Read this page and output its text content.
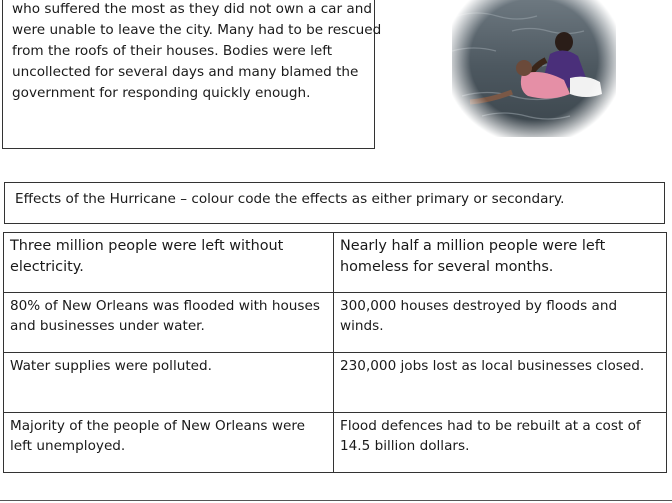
who suffered the most as they did not own a car and
were unable to leave the city. Many had to be rescued
from the roofs of their houses. Bodies were left
uncollected for several days and many blamed the
government for responding quickly enough.
Effects of the Hurricane – colour code the effects as either primary or secondary.
Three million people were left without electricity.	Nearly half a million people were left homeless for several months.
80% of New Orleans was flooded with houses and businesses under water.	300,000 houses destroyed by floods and winds.
Water supplies were polluted.	230,000 jobs lost as local businesses closed.
Majority of the people of New Orleans were left unemployed.	Flood defences had to be rebuilt at a cost of 14.5 billion dollars.
